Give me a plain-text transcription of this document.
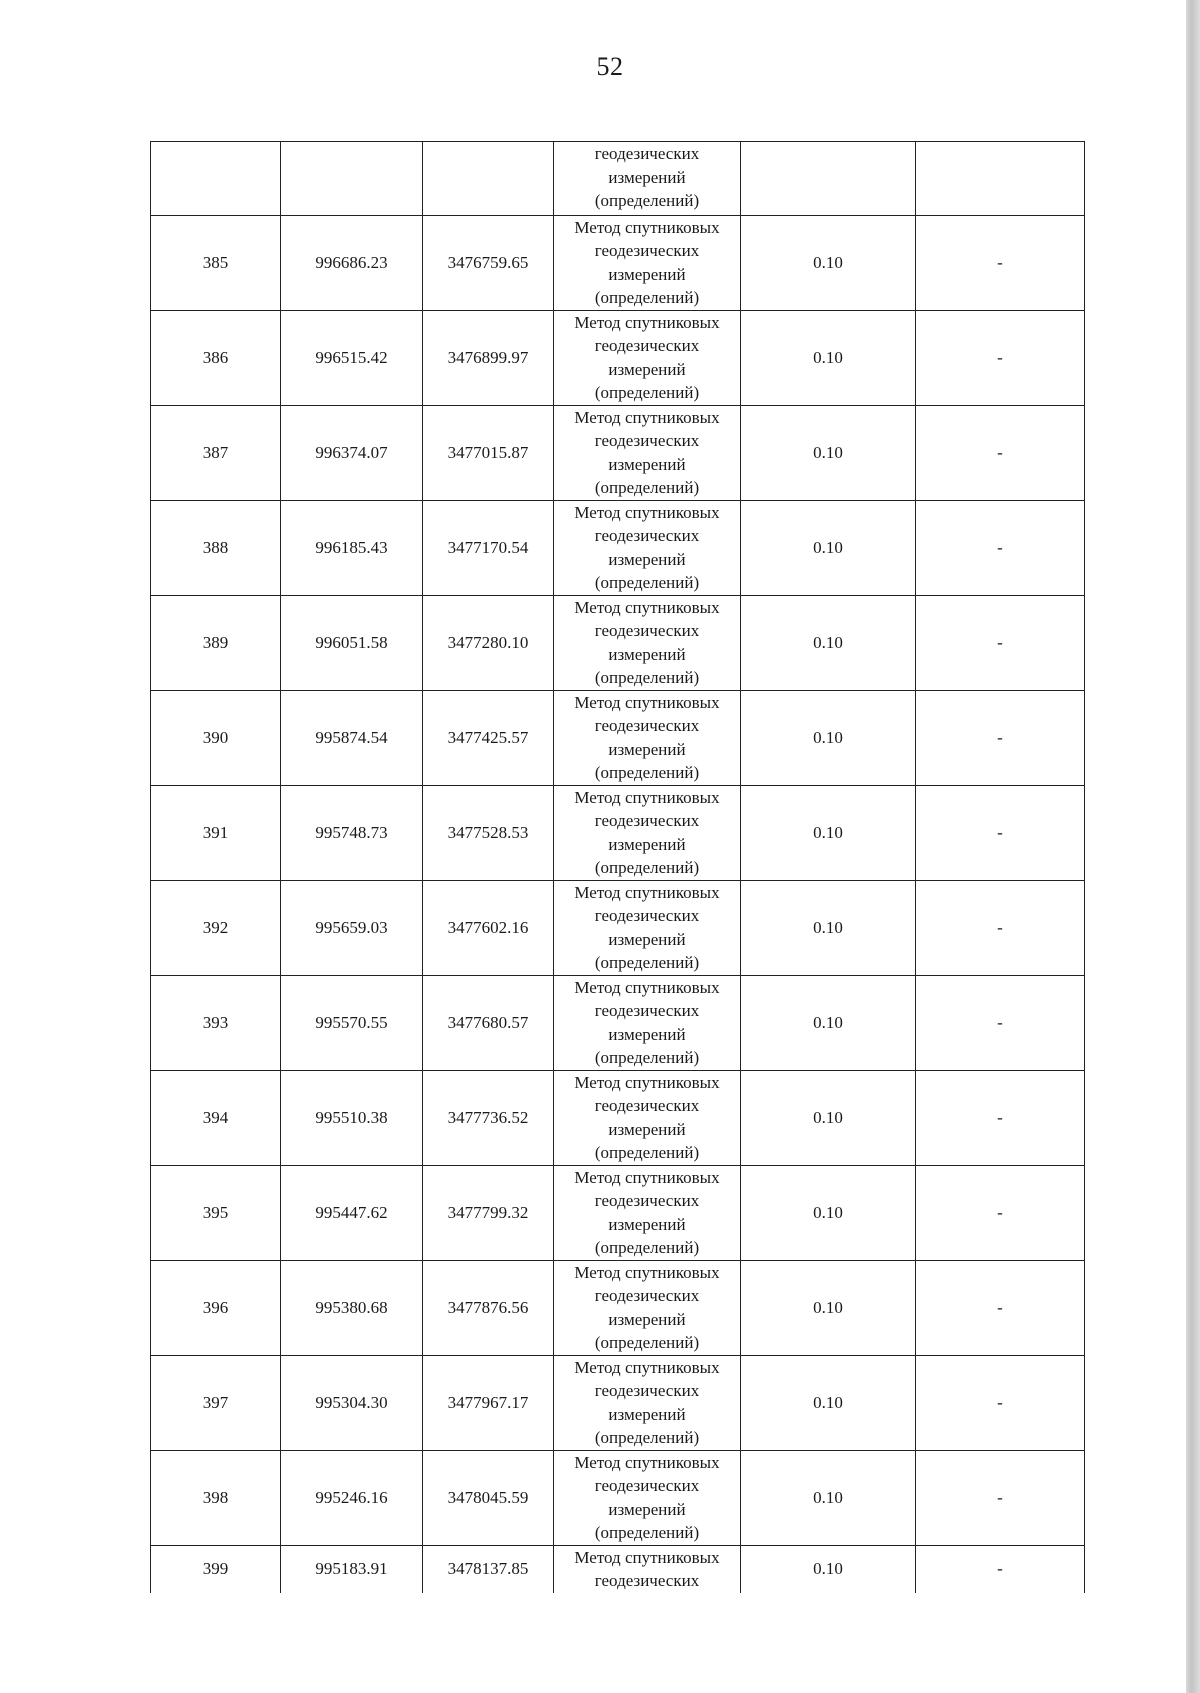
52

			геодезических
измерений
(определений)		

385	996686.23	3476759.65	Метод спутниковых
геодезических
измерений
(определений)	0.10	-
386	996515.42	3476899.97	Метод спутниковых
геодезических
измерений
(определений)	0.10	-
387	996374.07	3477015.87	Метод спутниковых
геодезических
измерений
(определений)	0.10	-
388	996185.43	3477170.54	Метод спутниковых
геодезических
измерений
(определений)	0.10	-
389	996051.58	3477280.10	Метод спутниковых
геодезических
измерений
(определений)	0.10	-
390	995874.54	3477425.57	Метод спутниковых
геодезических
измерений
(определений)	0.10	-
391	995748.73	3477528.53	Метод спутниковых
геодезических
измерений
(определений)	0.10	-
392	995659.03	3477602.16	Метод спутниковых
геодезических
измерений
(определений)	0.10	-
393	995570.55	3477680.57	Метод спутниковых
геодезических
измерений
(определений)	0.10	-
394	995510.38	3477736.52	Метод спутниковых
геодезических
измерений
(определений)	0.10	-
395	995447.62	3477799.32	Метод спутниковых
геодезических
измерений
(определений)	0.10	-
396	995380.68	3477876.56	Метод спутниковых
геодезических
измерений
(определений)	0.10	-
397	995304.30	3477967.17	Метод спутниковых
геодезических
измерений
(определений)	0.10	-
398	995246.16	3478045.59	Метод спутниковых
геодезических
измерений
(определений)	0.10	-
399	995183.91	3478137.85	Метод спутниковых
геодезических	0.10	-
